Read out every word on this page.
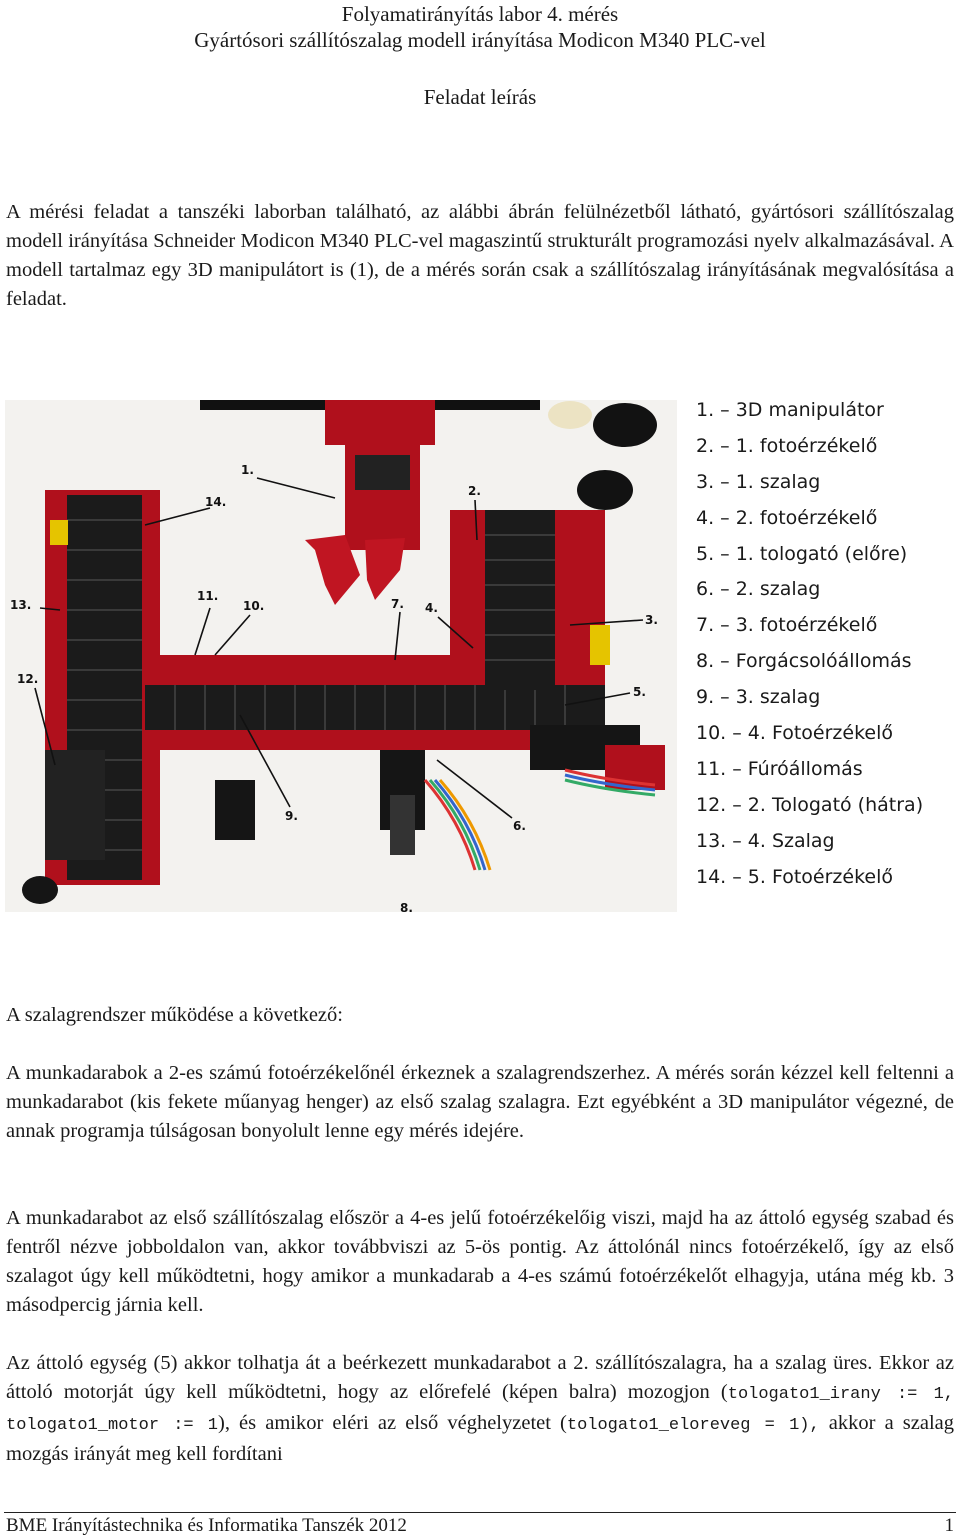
Folyamatirányítás labor 4. mérés
Gyártósori szállítószalag modell irányítása Modicon M340 PLC-vel
Feladat leírás
A mérési feladat a tanszéki laborban található, az alábbi ábrán felülnézetből látható, gyártósori szállítószalag modell irányítása Schneider Modicon M340 PLC-vel magaszintű strukturált programozási nyelv alkalmazásával. A modell tartalmaz egy 3D manipulátort is (1), de a mérés során csak a szállítószalag irányításának megvalósítása a feladat.
1.
2.
3.
4.
5.
6.
7.
8.
9.
10.
11.
12.
13.
14.
1. – 3D manipulátor
2. – 1. fotoérzékelő
3. – 1. szalag
4. – 2. fotoérzékelő
5. – 1. tologató (előre)
6. – 2. szalag
7. – 3. fotoérzékelő
8. – Forgácsolóállomás
9. – 3. szalag
10. – 4. Fotoérzékelő
11. – Fúróállomás
12. – 2. Tologató (hátra)
13. – 4. Szalag
14. – 5. Fotoérzékelő
A szalagrendszer működése a következő:
A munkadarabok a 2-es számú fotoérzékelőnél érkeznek a szalagrendszerhez. A mérés során kézzel kell feltenni a munkadarabot (kis fekete műanyag henger) az első szalag szalagra. Ezt egyébként a 3D manipulátor végezné, de annak programja túlságosan bonyolult lenne egy mérés idejére.
A munkadarabot az első szállítószalag először a 4-es jelű fotoérzékelőig viszi, majd ha az áttoló egység szabad és fentről nézve jobboldalon van, akkor továbbviszi az 5-ös pontig. Az áttolónál nincs fotoérzékelő, így az első szalagot úgy kell működtetni, hogy amikor a munkadarab a 4-es számú fotoérzékelőt elhagyja, utána még kb. 3 másodpercig járnia kell.
Az áttoló egység (5) akkor tolhatja át a beérkezett munkadarabot a 2. szállítószalagra, ha a szalag üres. Ekkor az áttoló motorját úgy kell működtetni, hogy az előrefelé (képen balra) mozogjon (tologato1_irany := 1, tologato1_motor := 1), és amikor eléri az első véghelyzetet (tologato1_eloreveg = 1), akkor a szalag mozgás irányát meg kell fordítani
BME Irányítástechnika és Informatika Tanszék 2012	1
